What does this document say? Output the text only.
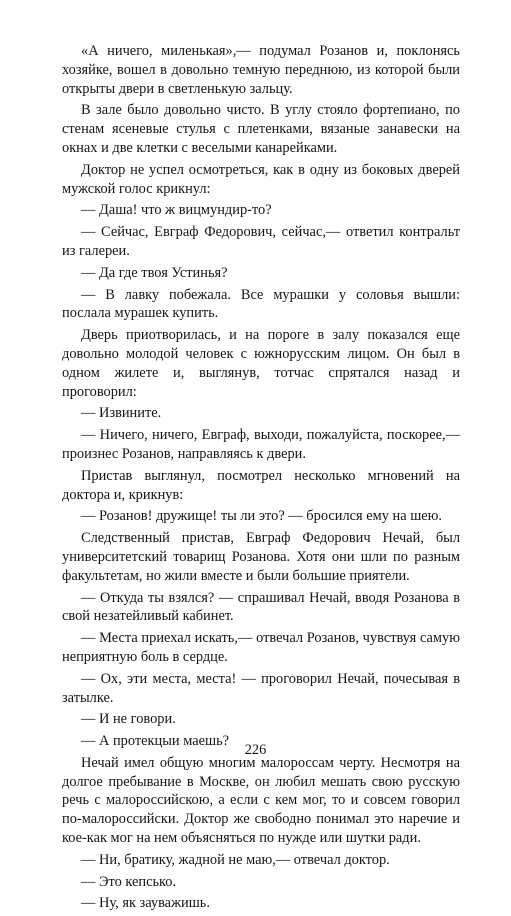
«А ничего, миленькая»,— подумал Розанов и, поклонясь хозяйке, вошел в довольно темную переднюю, из которой были открыты двери в светленькую зальцу.

В зале было довольно чисто. В углу стояло фортепиано, по стенам ясеневые стулья с плетенками, вязаные занавески на окнах и две клетки с веселыми канарейками.

Доктор не успел осмотреться, как в одну из боковых дверей мужской голос крикнул:

— Даша! что ж вицмундир-то?

— Сейчас, Евграф Федорович, сейчас,— ответил контральт из галереи.

— Да где твоя Устинья?

— В лавку побежала. Все мурашки у соловья вышли: послала мурашек купить.

Дверь приотворилась, и на пороге в залу показался еще довольно молодой человек с южнорусским лицом. Он был в одном жилете и, выглянув, тотчас спрятался назад и проговорил:

— Извините.

— Ничего, ничего, Евграф, выходи, пожалуйста, поскорее,— произнес Розанов, направляясь к двери.

Пристав выглянул, посмотрел несколько мгновений на доктора и, крикнув:

— Розанов! дружище! ты ли это? — бросился ему на шею.

Следственный пристав, Евграф Федорович Нечай, был университетский товарищ Розанова. Хотя они шли по разным факультетам, но жили вместе и были большие приятели.

— Откуда ты взялся? — спрашивал Нечай, вводя Розанова в свой незатейливый кабинет.

— Места приехал искать,— отвечал Розанов, чувствуя самую неприятную боль в сердце.

— Ох, эти места, места! — проговорил Нечай, почесывая в затылке.

— И не говори.

— А протекцыи маешь?

Нечай имел общую многим малороссам черту. Несмотря на долгое пребывание в Москве, он любил мешать свою русскую речь с малороссийскою, а если с кем мог, то и совсем говорил по-малороссийски. Доктор же свободно понимал это наречие и кое-как мог на нем объясняться по нужде или шутки ради.

— Ни, братику, жадной не маю,— отвечал доктор.

— Это кепсько.

— Ну, як зауважишь.

226
